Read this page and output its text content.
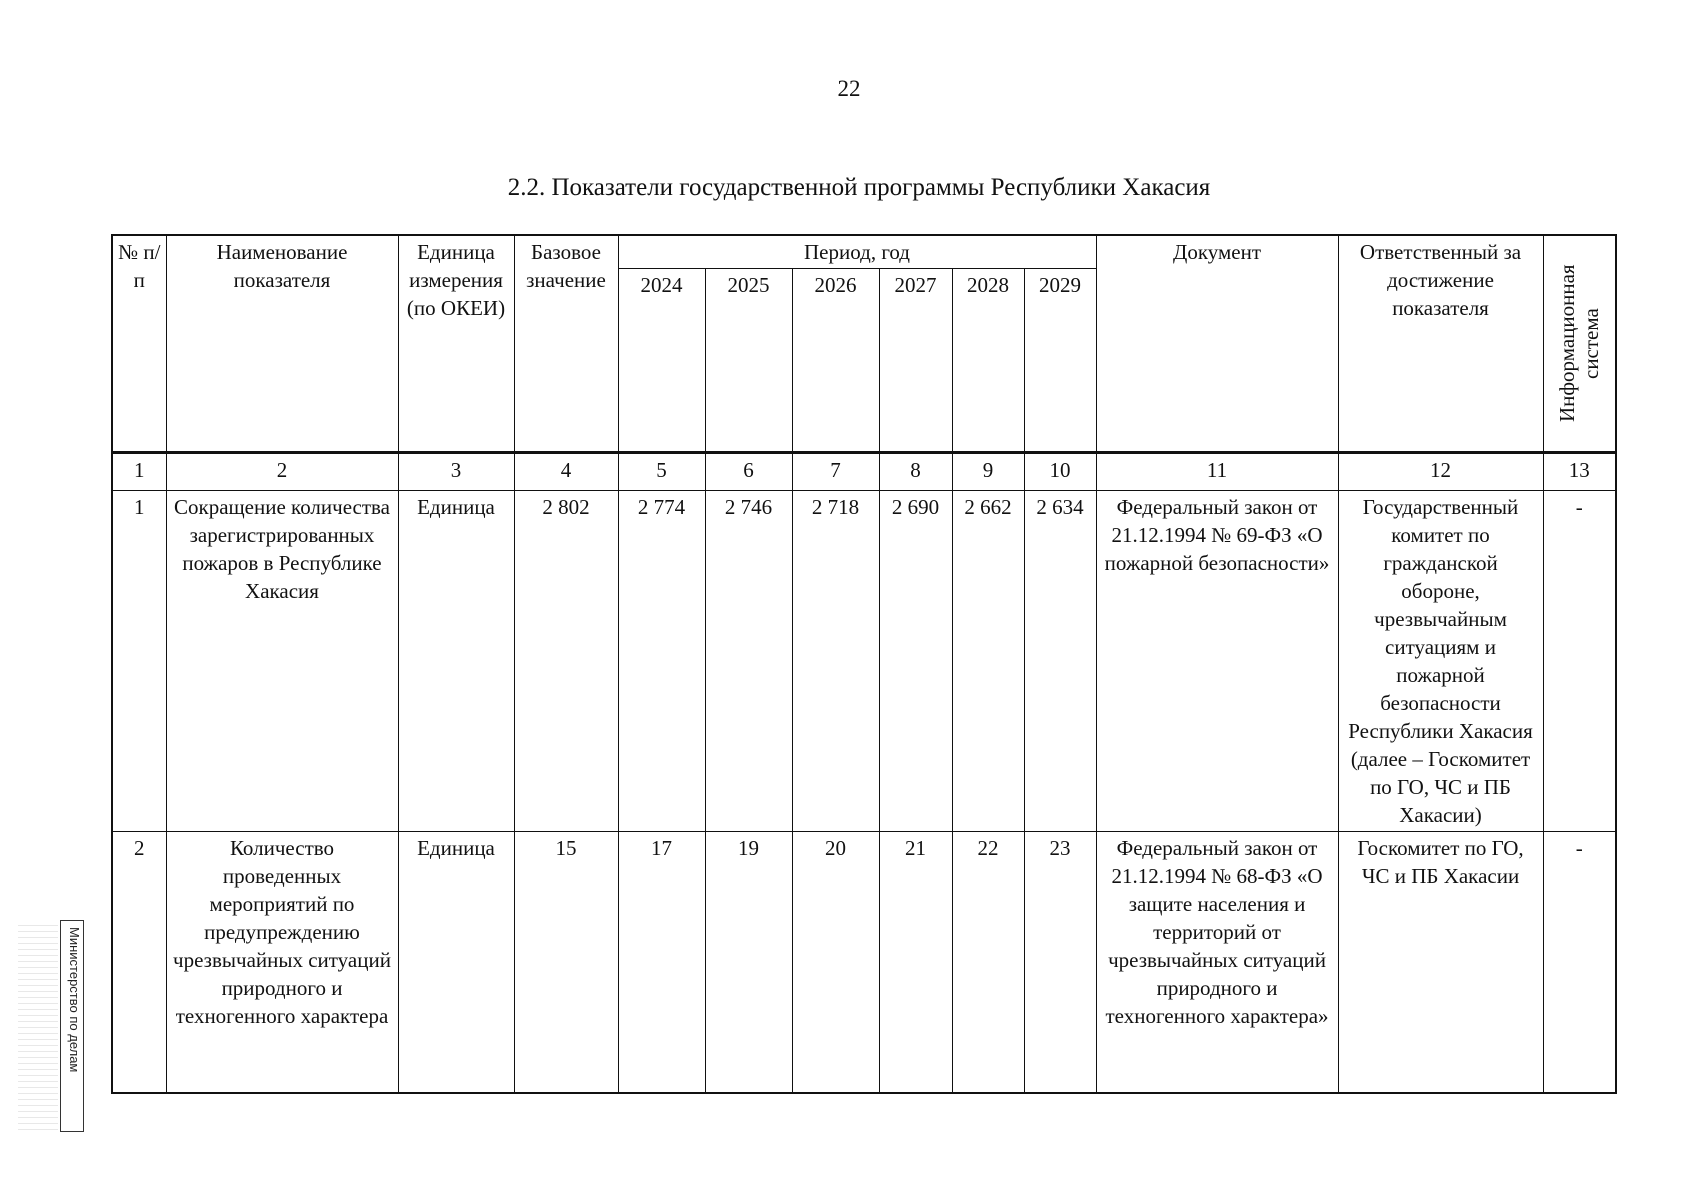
22
2.2. Показатели государственной программы Республики Хакасия
№ п/п	Наименование показателя	Единица измерения (по ОКЕИ)	Базовое значение	Период, год						Документ	Ответственный за достижение показателя	Информационная система
				2024	2025	2026	2027	2028	2029			
1	2	3	4	5	6	7	8	9	10	11	12	13
1	Сокращение количества зарегистрированных пожаров в Республике Хакасия	Единица	2 802	2 774	2 746	2 718	2 690	2 662	2 634	Федеральный закон от 21.12.1994 № 69-ФЗ «О пожарной безопасности»	Государственный комитет по гражданской обороне, чрезвычайным ситуациям и пожарной безопасности Республики Хакасия (далее – Госкомитет по ГО, ЧС и ПБ Хакасии)	-
2	Количество проведенных мероприятий по предупреждению чрезвычайных ситуаций природного и техногенного характера	Единица	15	17	19	20	21	22	23	Федеральный закон от 21.12.1994 № 68-ФЗ «О защите населения и территорий от чрезвычайных ситуаций природного и техногенного характера»	Госкомитет по ГО, ЧС и ПБ Хакасии	-
Министерство по делам
